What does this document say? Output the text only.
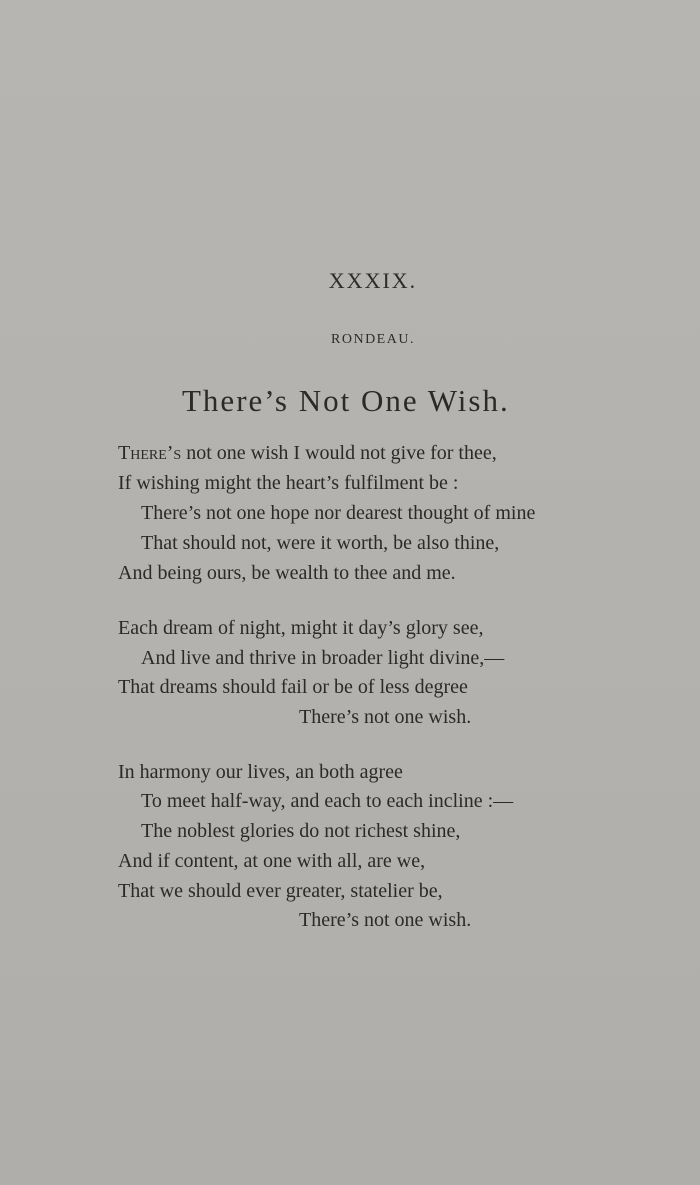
XXXIX.
RONDEAU.
There’s Not One Wish.
There’s not one wish I would not give for thee,
If wishing might the heart’s fulfilment be :
There’s not one hope nor dearest thought of mine
That should not, were it worth, be also thine,
And being ours, be wealth to thee and me.
Each dream of night, might it day’s glory see,
And live and thrive in broader light divine,—
That dreams should fail or be of less degree
There’s not one wish.
In harmony our lives, an both agree
To meet half-way, and each to each incline :—
The noblest glories do not richest shine,
And if content, at one with all, are we,
That we should ever greater, statelier be,
There’s not one wish.
